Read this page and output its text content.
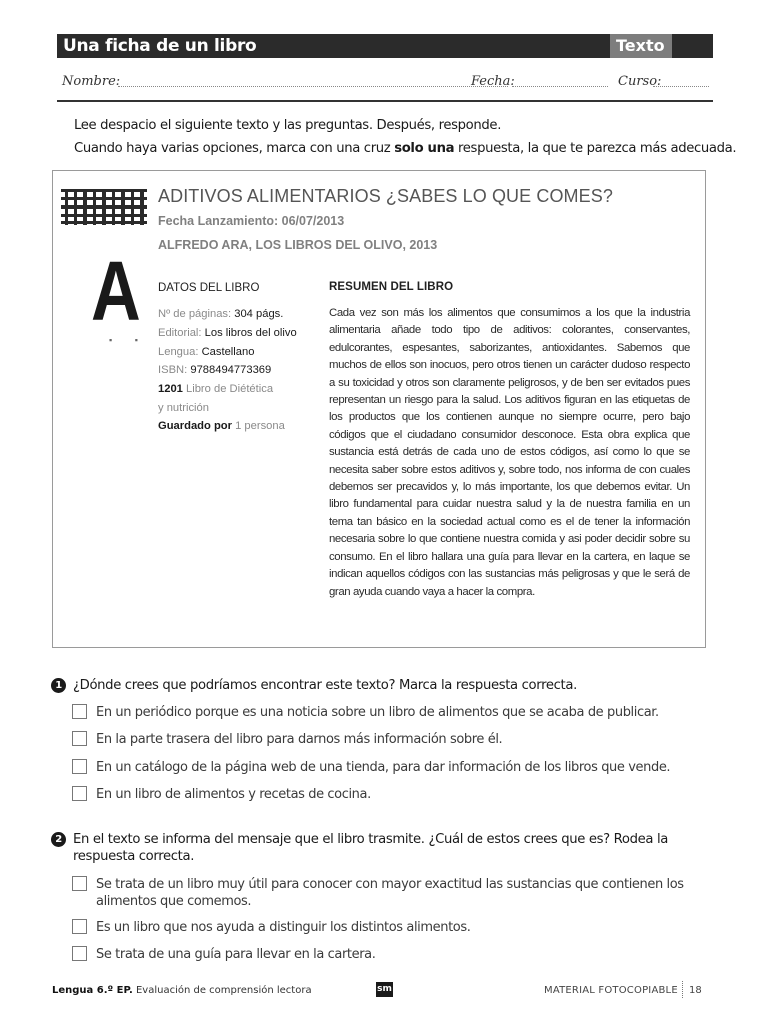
Una ficha de un libro	Texto 3
Nombre:	Fecha:	Curso:
Lee despacio el siguiente texto y las preguntas. Después, responde.
Cuando haya varias opciones, marca con una cruz solo una respuesta, la que te parezca más adecuada.
ADITIVOS ALIMENTARIOS ¿SABES LO QUE COMES?
Fecha Lanzamiento: 06/07/2013
ALFREDO ARA, LOS LIBROS DEL OLIVO, 2013
A
▪ ▪
DATOS DEL LIBRO
Nº de páginas: 304 págs.
Editorial: Los libros del olivo
Lengua: Castellano
ISBN: 9788494773369
1201 Libro de Diétética
y nutrición
Guardado por 1 persona
RESUMEN DEL LIBRO
Cada vez son más los alimentos que consumimos a los que la industria alimentaria añade todo tipo de aditivos: colorantes, conservantes, edulcorantes, espesantes, saborizantes, antioxidantes. Sabemos que muchos de ellos son inocuos, pero otros tienen un carácter dudoso respecto a su toxicidad y otros son claramente peligrosos, y de ben ser evitados pues representan un riesgo para la salud. Los aditivos figuran en las etiquetas de los productos que los contienen aunque no siempre ocurre, pero bajo códigos que el ciudadano consumidor desconoce. Esta obra explica que sustancia está detrás de cada uno de estos códigos, así como lo que se necesita saber sobre estos aditivos y, sobre todo, nos informa de con cuales debemos ser precavidos y, lo más importante, los que debemos evitar. Un libro fundamental para cuidar nuestra salud y la de nuestra familia en un tema tan básico en la sociedad actual como es el de tener la información necesaria sobre lo que contiene nuestra comida y asi poder decidir sobre su consumo. En el libro hallara una guía para llevar en la cartera, en laque se indican aquellos códigos con las sustancias más peligrosas y que le será de gran ayuda cuando vaya a hacer la compra.
1 ¿Dónde crees que podríamos encontrar este texto? Marca la respuesta correcta.
En un periódico porque es una noticia sobre un libro de alimentos que se acaba de publicar.
En la parte trasera del libro para darnos más información sobre él.
En un catálogo de la página web de una tienda, para dar información de los libros que vende.
En un libro de alimentos y recetas de cocina.
2 En el texto se informa del mensaje que el libro trasmite. ¿Cuál de estos crees que es? Rodea la respuesta correcta.
Se trata de un libro muy útil para conocer con mayor exactitud las sustancias que contienen los alimentos que comemos.
Es un libro que nos ayuda a distinguir los distintos alimentos.
Se trata de una guía para llevar en la cartera.
Lengua 6.º EP. Evaluación de comprensión lectora	sm	MATERIAL FOTOCOPIABLE 18
